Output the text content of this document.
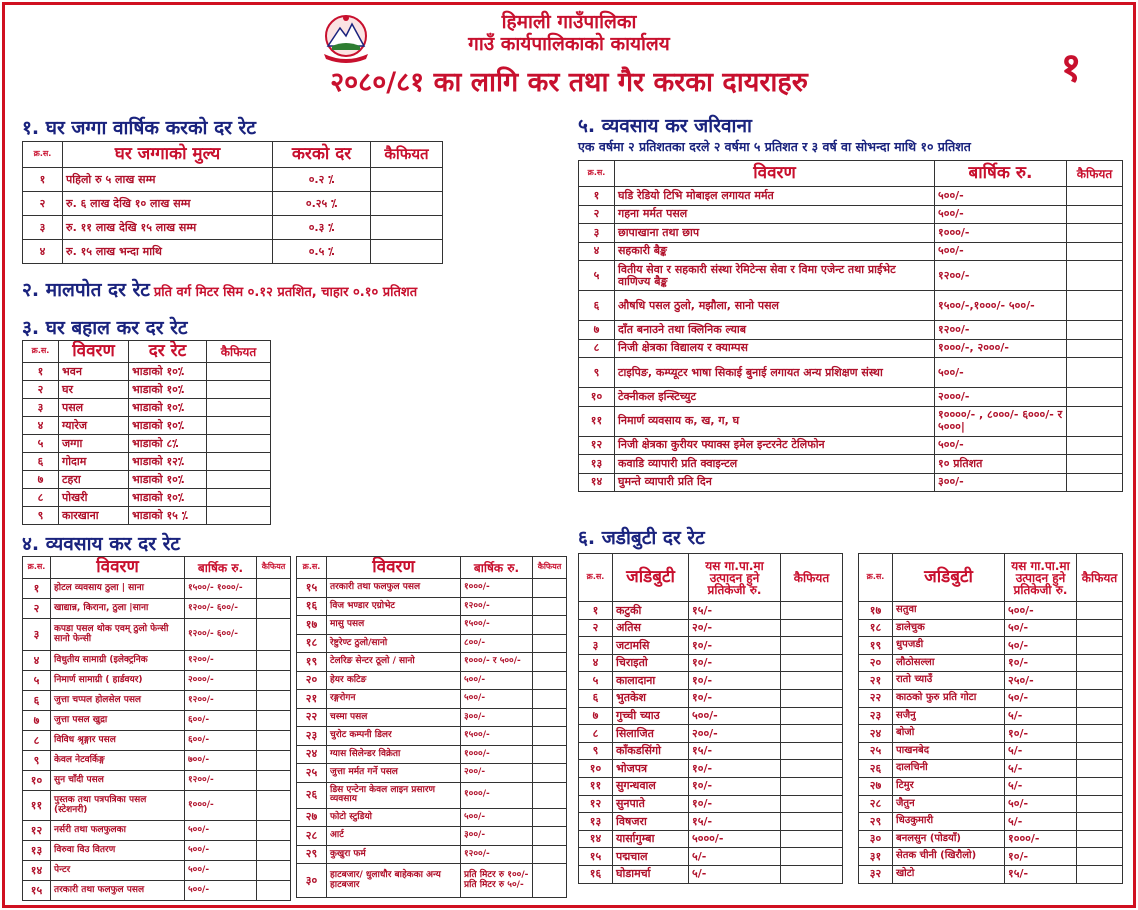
हिमाली गाउँपालिका
गाउँ कार्यपालिकाको कार्यालय
२०८०/८१ का लागि कर तथा गैर करका दायराहरु	१
१. घर जग्गा वार्षिक करको दर रेट
क्र.स.	घर जग्गाको मुल्य	करको दर	कैफियत
१	पहिलो रु ५ लाख सम्म	०.२ ⁒	
२	रु. ६ लाख देखि १० लाख सम्म	०.२५ ⁒	
३	रु. ११ लाख देखि १५ लाख सम्म	०.३ ⁒	
४	रु. १५ लाख भन्दा माथि	०.५ ⁒	
२. मालपोत दर रेट प्रति वर्ग मिटर सिम ०.१२ प्रतशित, चाहार ०.१० प्रतिशत
३. घर बहाल कर दर रेट
क्र.स.	विवरण	दर रेट	कैफियत
१	भवन	भाडाको १०⁒	
२	घर	भाडाको १०⁒	
३	पसल	भाडाको १०⁒	
४	ग्यारेज	भाडाको १०⁒	
५	जग्गा	भाडाको ८⁒	
६	गोदाम	भाडाको १२⁒	
७	टहरा	भाडाको १०⁒	
८	पोखरी	भाडाको १०⁒	
९	कारखाना	भाडाको १५ ⁒	
४. व्यवसाय कर दर रेट
क्र.स.	विवरण	बार्षिक रु.	कैफियत
१	होटल व्यवसाय ठुला | साना	१५००/- १०००/-	
२	खाद्यान्न, किराना, ठुला |साना	१२००/- ६००/-	
३	कपडा पसल थोक एवम् ठुलो फेन्सी सानो फेन्सी	१२००/- ६००/-	
४	विधुतीय सामाग्री (इलेक्ट्रनिक	१२००/-	
५	निमार्ण सामाग्री ( हार्डवयर)	२०००/-	
६	जुत्ता चप्पल होलसेल पसल	१२००/-	
७	जुत्ता पसल खुद्रा	६००/-	
८	विविध श्रृङ्गार पसल	६००/-	
९	केवल नेटवर्किङ्ग	७००/-	
१०	सुन चाँदी पसल	१२००/-	
११	पुस्तक तथा पत्रपत्रिका पसल (स्टेशनरी)	१०००/-	
१२	नर्सरी तथा फलफुलका	५००/-	
१३	विरुवा विउ वितरण	५००/-	
१४	पेन्टर	५००/-	
१५	तरकारी तथा फलफुल पसल	५००/-	
क्र.स.	विवरण	बार्षिक रु.	कैफियत
१५	तरकारी तथा फलफुल पसल	१०००/-	
१६	विज भण्डार एग्रोभेट	१२००/-	
१७	मासु पसल	१५००/-	
१८	रेष्टुरेण्ट ठुलो/सानो	८००/-	
१९	टेलरिङ सेन्टर ठूलो / सानो	१०००/- र ५००/-	
२०	हेयर कटिङ	५००/-	
२१	रङ्गरोगन	५००/-	
२२	चस्मा पसल	३००/-	
२३	चुरोट कम्पनी डिलर	१५००/-	
२४	ग्यास सिलेन्डर विक्रेता	१०००/-	
२५	जुत्ता मर्मत गर्ने पसल	२००/-	
२६	डिस एन्टेना केवल लाइन प्रसारण व्यवसाय	१०००/-	
२७	फोटो स्टुडियो	५००/-	
२८	आर्ट	३००/-	
२९	कुखुरा फर्म	१२००/-	
३०	हाटबजार/ धुलाधौर बाहेकका अन्य हाटबजार	प्रति मिटर रु १००/- प्रति मिटर रु ५०/-	
५. व्यवसाय कर जरिवाना
एक वर्षमा २ प्रतिशतका दरले २ वर्षमा ५ प्रतिशत र ३ वर्ष वा सोभन्दा माथि १० प्रतिशत
क्र.स.	विवरण	बार्षिक रु.	कैफियत
१	घडि रेडियो टिभि मोबाइल लगायत मर्मत	५००/-	
२	गहना मर्मत पसल	५००/-	
३	छापाखाना तथा छाप	१०००/-	
४	सहकारी बैङ्क	५००/-	
५	वितीय सेवा र सहकारी संस्था रेमिटेन्स सेवा र विमा एजेन्ट तथा प्राईभेट वाणिज्य बैङ्क	१२००/-	
६	औषधि पसल ठुलो, मझौला, सानो पसल	१५००/-,१०००/- ५००/-	
७	दाँत बनाउने तथा क्लिनिक ल्याब	१२००/-	
८	निजी क्षेत्रका विद्यालय र क्याम्पस	१०००/-, २०००/-	
९	टाइपिङ, कम्प्यूटर भाषा सिकाई बुनाई लगायत अन्य प्रशिक्षण संस्था	५००/-	
१०	टेक्नीकल इन्स्टिच्युट	२०००/-	
११	निमार्ण व्यवसाय क, ख, ग, घ	१००००/- , ८०००/- ६०००/- र ५०००|	
१२	निजी क्षेत्रका कुरीयर फ्याक्स इमेल इन्टरनेट टेलिफोन	५००/-	
१३	कवाडि व्यापारी प्रति क्वाइन्टल	१० प्रतिशत	
१४	घुमन्ते व्यापारी प्रति दिन	३००/-	
६. जडीबुटी दर रेट
क्र.स.	जडिबुटी	यस गा.पा.मा उत्पादन हुने प्रतिकेजी रु.	कैफियत
१	कटुकी	१५/-	
२	अतिस	२०/-	
३	जटामसि	१०/-	
४	चिराइतो	१०/-	
५	कालादाना	१०/-	
६	भुतकेश	१०/-	
७	गुच्ची च्याउ	५००/-	
८	सिलाजित	२००/-	
९	काँकडसिंगो	१५/-	
१०	भोजपत्र	१०/-	
११	सुगन्धवाल	१०/-	
१२	सुनपाते	१०/-	
१३	विषजरा	१५/-	
१४	यार्सागुम्बा	५०००/-	
१५	पद्मचाल	५/-	
१६	घोडामर्चा	५/-	
क्र.स.	जडिबुटी	यस गा.पा.मा उत्पादन हुने प्रतिकेजी रु.	कैफियत
१७	सतुवा	५००/-	
१८	डालेचुक	५०/-	
१९	धुपजडी	५०/-	
२०	लौठोसल्ला	१०/-	
२१	रातो च्याउँ	२५०/-	
२२	काठको फुरु प्रति गोटा	५०/-	
२३	सजैनु	५/-	
२४	बोजो	१०/-	
२५	पाखनबेद	५/-	
२६	दालचिनी	५/-	
२७	टिमुर	५/-	
२८	जैतुन	५०/-	
२९	धिउकुमारी	५/-	
३०	बनलसुन (पोडयाँ)	१०००/-	
३१	सेतक चीनी (खिरौलो)	१०/-	
३२	खोटो	१५/-	
